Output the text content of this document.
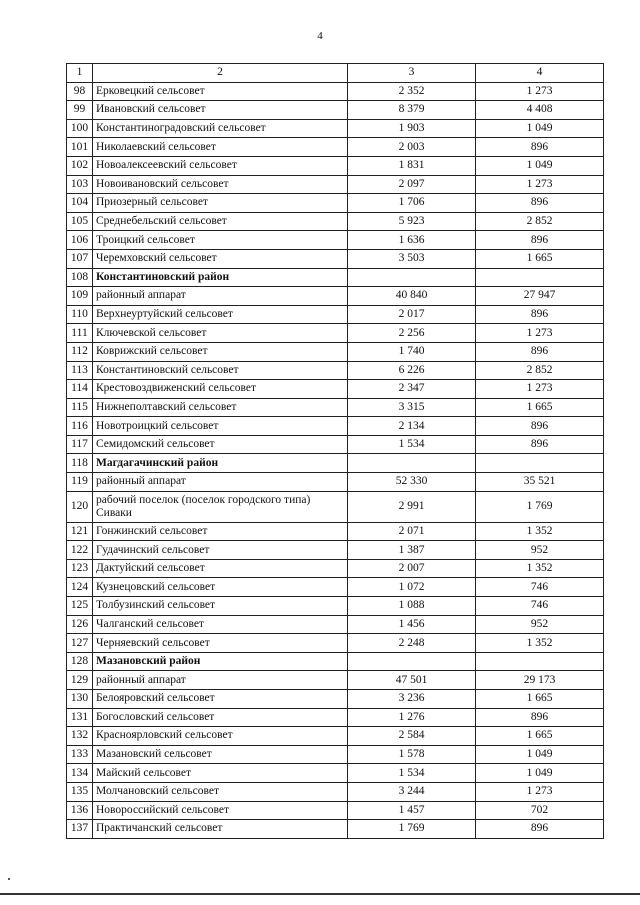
4
1	2	3	4
98	Ерковецкий сельсовет	2 352	1 273
99	Ивановский сельсовет	8 379	4 408
100	Константиноградовский сельсовет	1 903	1 049
101	Николаевский сельсовет	2 003	896
102	Новоалексеевский сельсовет	1 831	1 049
103	Новоивановский сельсовет	2 097	1 273
104	Приозерный сельсовет	1 706	896
105	Среднебельский сельсовет	5 923	2 852
106	Троицкий сельсовет	1 636	896
107	Черемховский сельсовет	3 503	1 665
108	Константиновский район		
109	районный аппарат	40 840	27 947
110	Верхнеуртуйский сельсовет	2 017	896
111	Ключевской сельсовет	2 256	1 273
112	Коврижский сельсовет	1 740	896
113	Константиновский сельсовет	6 226	2 852
114	Крестовоздвиженский сельсовет	2 347	1 273
115	Нижнеполтавский сельсовет	3 315	1 665
116	Новотроицкий сельсовет	2 134	896
117	Семидомский сельсовет	1 534	896
118	Магдагачинский район		
119	районный аппарат	52 330	35 521
120	рабочий поселок (поселок городского типа) Сиваки	2 991	1 769
121	Гонжинский сельсовет	2 071	1 352
122	Гудачинский сельсовет	1 387	952
123	Дактуйский сельсовет	2 007	1 352
124	Кузнецовский сельсовет	1 072	746
125	Толбузинский сельсовет	1 088	746
126	Чалганский сельсовет	1 456	952
127	Черняевский сельсовет	2 248	1 352
128	Мазановский район		
129	районный аппарат	47 501	29 173
130	Белояровский сельсовет	3 236	1 665
131	Богословский сельсовет	1 276	896
132	Красноярловский сельсовет	2 584	1 665
133	Мазановский сельсовет	1 578	1 049
134	Майский сельсовет	1 534	1 049
135	Молчановский сельсовет	3 244	1 273
136	Новороссийский сельсовет	1 457	702
137	Практичанский сельсовет	1 769	896
